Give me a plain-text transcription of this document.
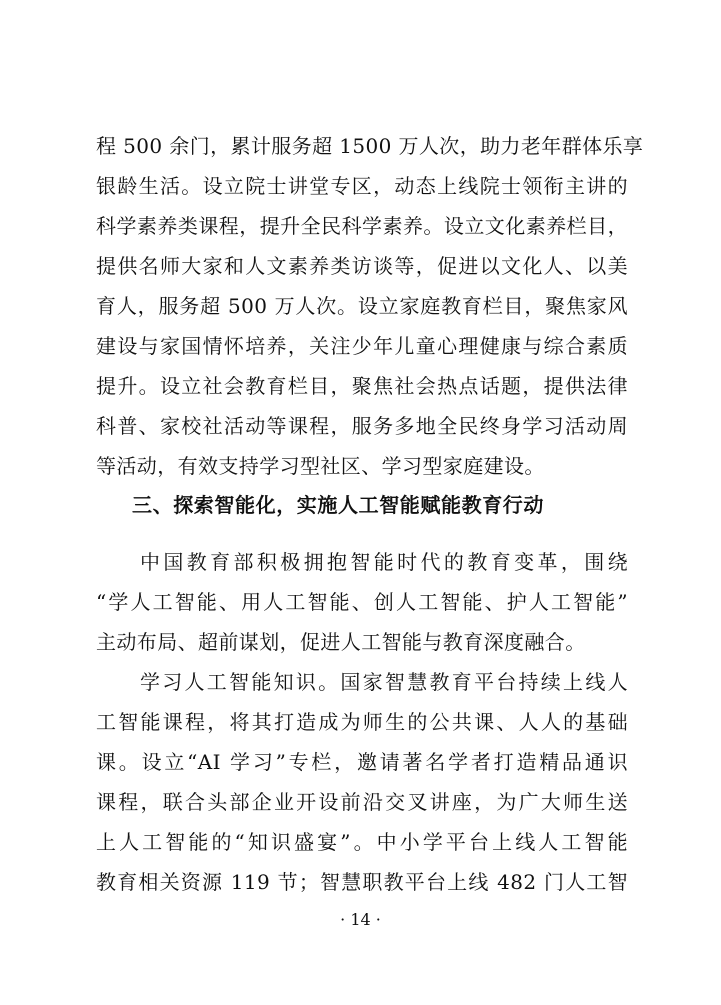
程 500 余门，累计服务超 1500 万人次，助力老年群体乐享
银龄生活。设立院士讲堂专区，动态上线院士领衔主讲的
科学素养类课程，提升全民科学素养。设立文化素养栏目，
提供名师大家和人文素养类访谈等，促进以文化人、以美
育人，服务超 500 万人次。设立家庭教育栏目，聚焦家风
建设与家国情怀培养，关注少年儿童心理健康与综合素质
提升。设立社会教育栏目，聚焦社会热点话题，提供法律
科普、家校社活动等课程，服务多地全民终身学习活动周
等活动，有效支持学习型社区、学习型家庭建设。
三、探索智能化，实施人工智能赋能教育行动
中国教育部积极拥抱智能时代的教育变革，围绕
“学人工智能、用人工智能、创人工智能、护人工智能”
主动布局、超前谋划，促进人工智能与教育深度融合。
学习人工智能知识。国家智慧教育平台持续上线人
工智能课程，将其打造成为师生的公共课、人人的基础
课。设立“AI 学习”专栏，邀请著名学者打造精品通识
课程，联合头部企业开设前沿交叉讲座，为广大师生送
上人工智能的“知识盛宴”。中小学平台上线人工智能
教育相关资源 119 节；智慧职教平台上线 482 门人工智
· 14 ·
